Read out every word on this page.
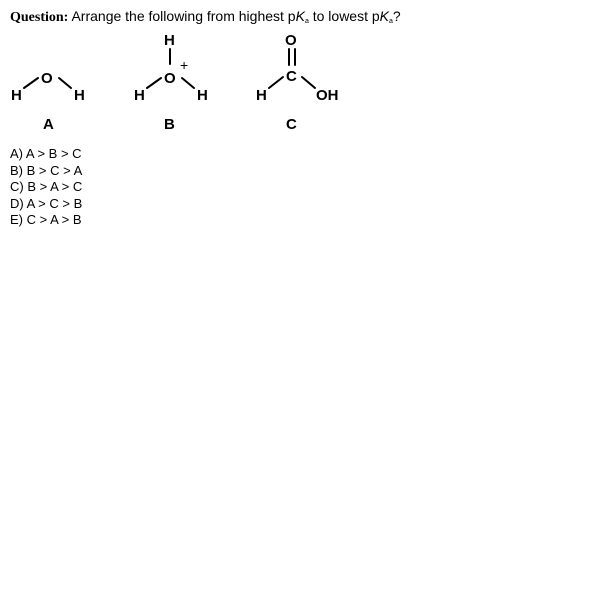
Question: Arrange the following from highest pKa to lowest pKa?
H
O
H
A
H
+
H
O
H
B
O
H
C
OH
C
A) A > B > C
B) B > C > A
C) B > A > C
D) A > C > B
E) C > A > B
